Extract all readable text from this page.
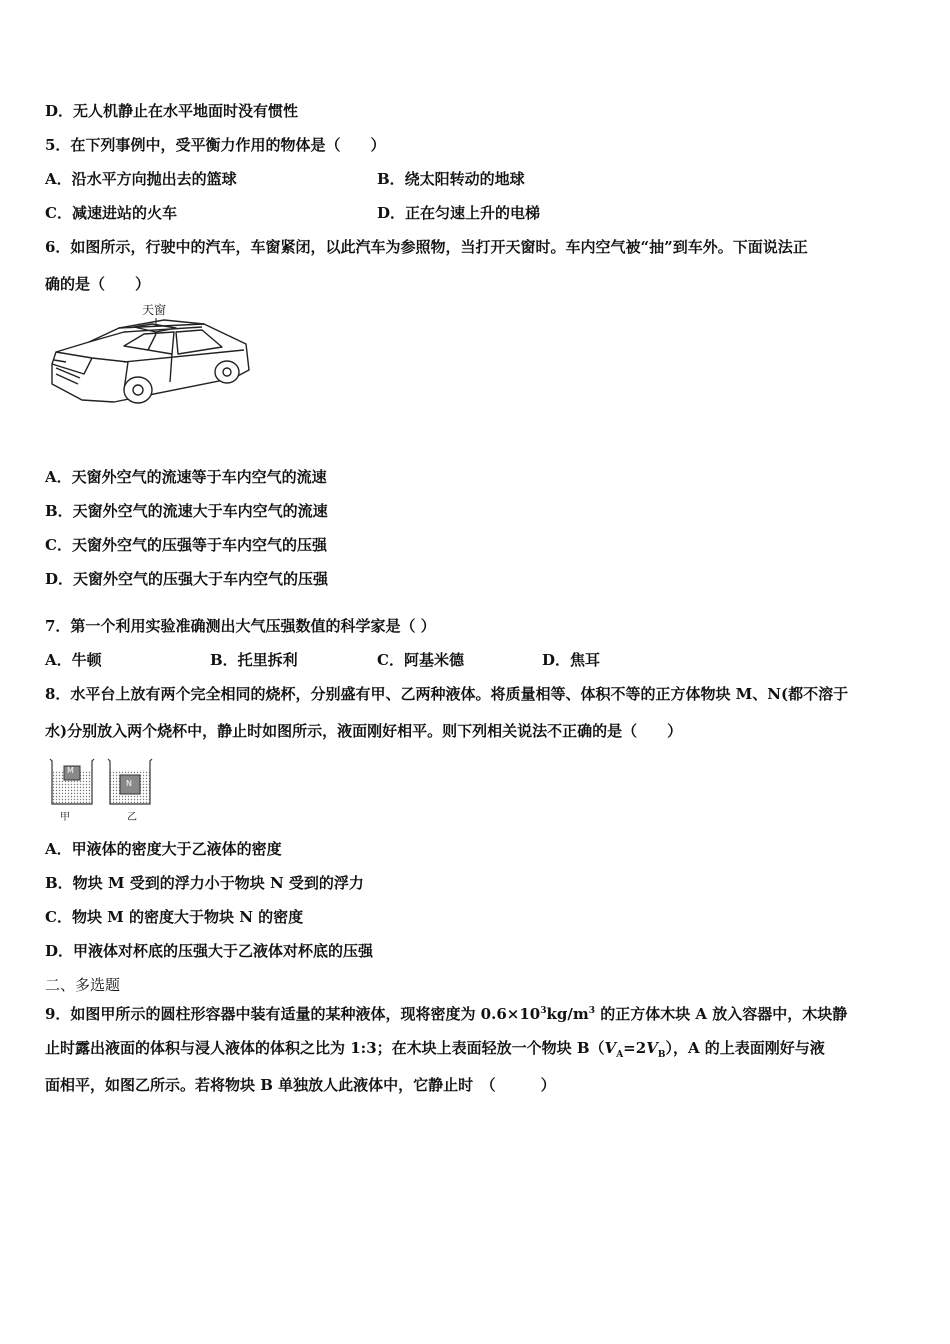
D．无人机静止在水平地面时没有惯性
5．在下列事例中，受平衡力作用的物体是（　　）
A．沿水平方向抛出去的篮球	B．绕太阳转动的地球
C．减速进站的火车	D．正在匀速上升的电梯
6．如图所示，行驶中的汽车，车窗紧闭，以此汽车为参照物，当打开天窗时。车内空气被“抽”到车外。下面说法正
确的是（　　）
天窗
A．天窗外空气的流速等于车内空气的流速
B．天窗外空气的流速大于车内空气的流速
C．天窗外空气的压强等于车内空气的压强
D．天窗外空气的压强大于车内空气的压强
7．第一个利用实验准确测出大气压强数值的科学家是（ ）
A．牛顿	B．托里拆利	C．阿基米德	D．焦耳
8．水平台上放有两个完全相同的烧杯，分别盛有甲、乙两种液体。将质量相等、体积不等的正方体物块 M、N(都不溶于
水)分别放入两个烧杯中，静止时如图所示，液面刚好相平。则下列相关说法不正确的是（　　）
M
N
甲	乙
A．甲液体的密度大于乙液体的密度
B．物块 M 受到的浮力小于物块 N 受到的浮力
C．物块 M 的密度大于物块 N 的密度
D．甲液体对杯底的压强大于乙液体对杯底的压强
二、多选题
9．如图甲所示的圆柱形容器中装有适量的某种液体，现将密度为 $0.6\times 10^3kg/m^3$ 的正方体木块 A 放入容器中，木块静
止时露出液面的体积与浸人液体的体积之比为 1:3；在木块上表面轻放一个物块 $B(V_A=2V_B)$，A 的上表面刚好与液
面相平，如图乙所示。若将物块 B 单独放人此液体中，它静止时　（　　　）
